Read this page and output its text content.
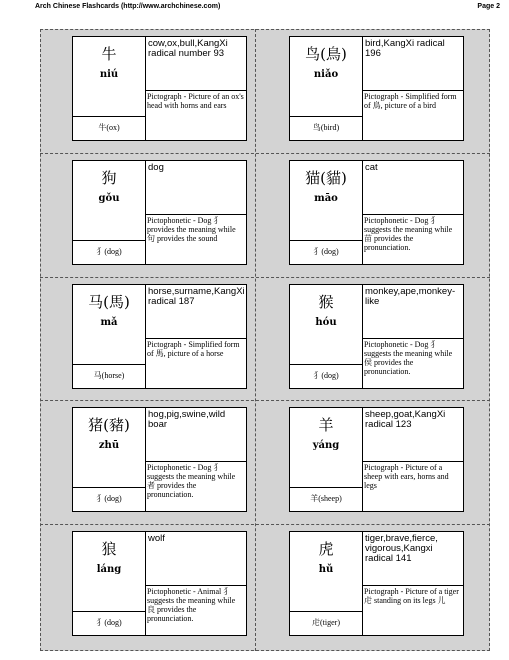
Arch Chinese Flashcards (http://www.archchinese.com)	Page 2
牛
niú
cow,ox,bull,KangXi radical number 93
Pictograph - Picture of an ox's head with horns and ears
牛(ox)
鸟(鳥)
niǎo
bird,KangXi radical 196
Pictograph - Simplified form of 鳥, picture of a bird
鸟(bird)
狗
gǒu
dog
Pictophonetic - Dog 犭 provides the meaning while 句 provides the sound
犭(dog)
猫(貓)
māo
cat
Pictophonetic - Dog 犭 suggests the meaning while 苗 provides the pronunciation.
犭(dog)
马(馬)
mǎ
horse,surname,KangXi radical 187
Pictograph - Simplified form of 馬, picture of a horse
马(horse)
猴
hóu
monkey,ape,monkey-like
Pictophonetic - Dog 犭 suggests the meaning while 侯 provides the pronunciation.
犭(dog)
猪(豬)
zhū
hog,pig,swine,wild boar
Pictophonetic - Dog 犭 suggests the meaning while 者 provides the pronunciation.
犭(dog)
羊
yáng
sheep,goat,KangXi radical 123
Pictograph - Picture of a sheep with ears, horns and legs
羊(sheep)
狼
láng
wolf
Pictophonetic - Animal 犭 suggests the meaning while 良 provides the pronunciation.
犭(dog)
虎
hǔ
tiger,brave,fierce, vigorous,Kangxi radical 141
Pictograph - Picture of a tiger 虍 standing on its legs 儿
虍(tiger)
